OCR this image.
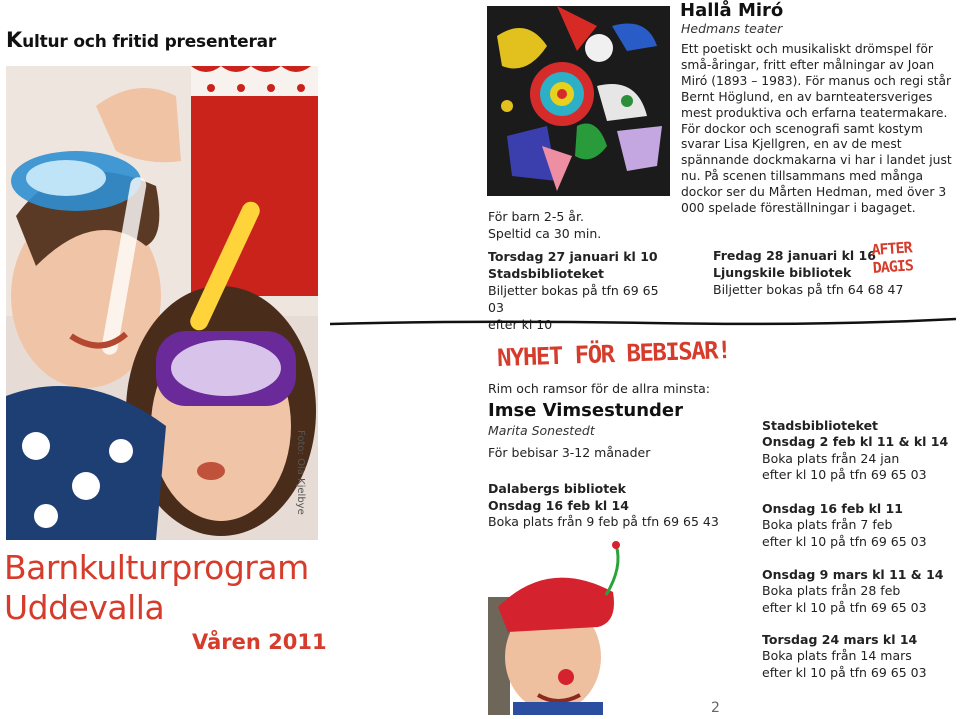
Kultur och fritid presenterar
Foto: Ola Kjelbye
Barnkulturprogram
Uddevalla
Våren 2011
Hallå Miró
Hedmans teater
Ett poetiskt och musikaliskt drömspel för små-åringar, fritt efter målningar av Joan Miró (1893 – 1983). För manus och regi står Bernt Höglund, en av barnteatersveriges mest produktiva och erfarna teatermakare. För dockor och scenografi samt kostym svarar Lisa Kjellgren, en av de mest spännande dockmakarna vi har i landet just nu. På scenen tillsammans med många dockor ser du Mårten Hedman, med över 3 000 spelade föreställningar i bagaget.
För barn 2-5 år.
Speltid ca 30 min.
Torsdag 27 januari kl 10
Stadsbiblioteket
Biljetter bokas på tfn 69 65 03
efter kl 10
Fredag 28 januari kl 16
Ljungskile bibliotek
Biljetter bokas på tfn 64 68 47
AFTER DAGIS
NYHET FÖR BEBISAR!
Rim och ramsor för de allra minsta:
Imse Vimsestunder
Marita Sonestedt
För bebisar 3-12 månader
Dalabergs bibliotek
Onsdag 16 feb kl 14
Boka plats från 9 feb på tfn 69 65 43
2
Stadsbiblioteket
Onsdag 2 feb kl 11 & kl 14
Boka plats från 24 jan
efter kl 10 på tfn 69 65 03
Onsdag 16 feb kl 11
Boka plats från 7 feb
efter kl 10 på tfn 69 65 03
Onsdag 9 mars kl 11 & 14
Boka plats från 28 feb
efter kl 10 på tfn 69 65 03
Torsdag 24 mars kl 14
Boka plats från 14 mars
efter kl 10 på tfn 69 65 03
